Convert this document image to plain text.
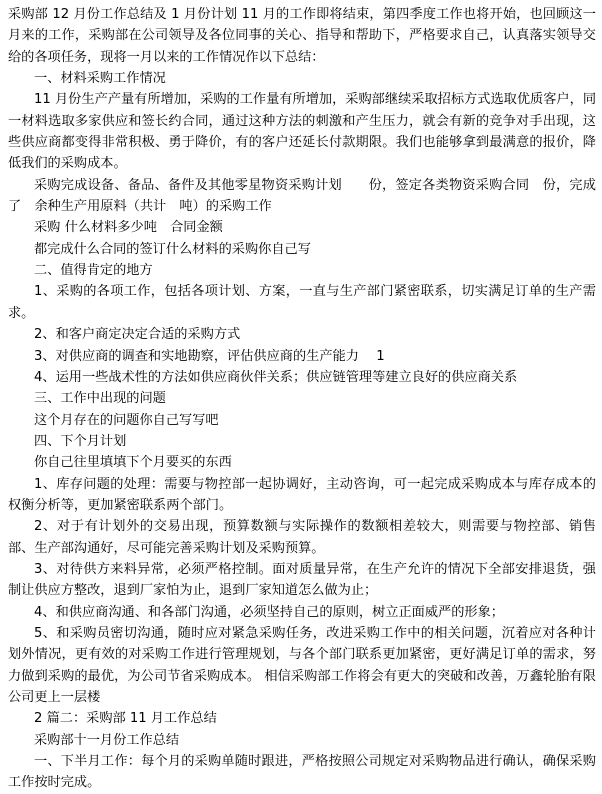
采购部 12 月份工作总结及 1 月份计划 11 月的工作即将结束，第四季度工作也将开始，也回顾这一月来的工作，采购部在公司领导及各位同事的关心、指导和帮助下，严格要求自己，认真落实领导交给的各项任务，现将一月以来的工作情况作以下总结：

一、材料采购工作情况

11 月份生产产量有所增加，采购的工作量有所增加，采购部继续采取招标方式选取优质客户，同一材料选取多家供应和签长约合同，通过这种方法的刺激和产生压力，就会有新的竞争对手出现，这些供应商都变得非常积极、勇于降价，有的客户还延长付款期限。我们也能够拿到最满意的报价，降低我们的采购成本。

采购完成设备、备品、备件及其他零星物资采购计划　　份，签定各类物资采购合同　份，完成了　余种生产用原料（共计　吨）的采购工作

采购 什么材料多少吨　合同金额

都完成什么合同的签订什么材料的采购你自己写

二、值得肯定的地方

1、采购的各项工作，包括各项计划、方案，一直与生产部门紧密联系，切实满足订单的生产需求。

2、和客户商定决定合适的采购方式

3、对供应商的调查和实地勘察，评估供应商的生产能力　 1

4、运用一些战术性的方法如供应商伙伴关系；供应链管理等建立良好的供应商关系

三、工作中出现的问题

这个月存在的问题你自己写写吧

四、下个月计划

你自己往里填填下个月要买的东西

1、库存问题的处理：需要与物控部一起协调好，主动咨询，可一起完成采购成本与库存成本的权衡分析等，更加紧密联系两个部门。

2、对于有计划外的交易出现，预算数额与实际操作的数额相差较大，则需要与物控部、销售部、生产部沟通好，尽可能完善采购计划及采购预算。

3、对待供方来料异常，必须严格控制。面对质量异常，在生产允许的情况下全部安排退货，强制让供应方整改，退到厂家怕为止，退到厂家知道怎么做为止；

4、和供应商沟通、和各部门沟通，必须坚持自己的原则，树立正面威严的形象；

5、和采购员密切沟通，随时应对紧急采购任务，改进采购工作中的相关问题，沉着应对各种计划外情况，更有效的对采购工作进行管理规划，与各个部门联系更加紧密，更好满足订单的需求，努力做到采购的最优，为公司节省采购成本。 相信采购部工作将会有更大的突破和改善，万鑫轮胎有限公司更上一层楼

2 篇二：采购部 11 月工作总结

采购部十一月份工作总结

一、下半月工作：每个月的采购单随时跟进，严格按照公司规定对采购物品进行确认，确保采购工作按时完成。
